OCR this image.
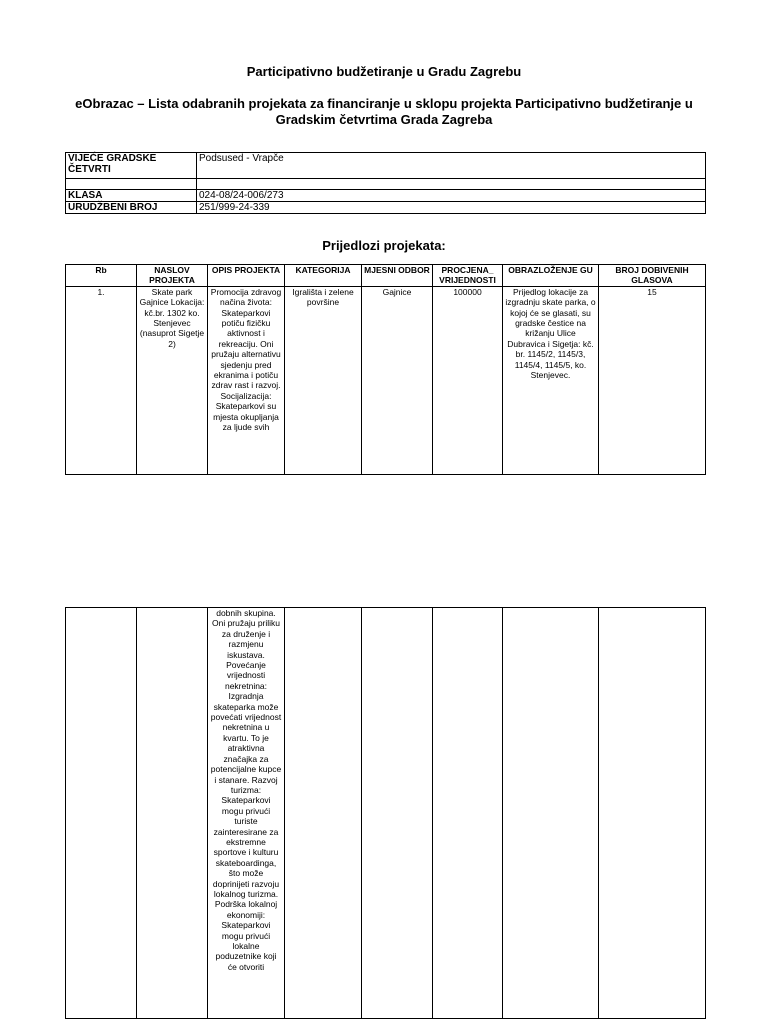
Participativno budžetiranje u Gradu Zagrebu
eObrazac – Lista odabranih projekata za financiranje u sklopu projekta Participativno budžetiranje u Gradskim četvrtima Grada Zagreba
VIJEĆE GRADSKE ČETVRTI	Podsused - Vrapče

KLASA	024-08/24-006/273
URUDŽBENI BROJ	251/999-24-339
Prijedlozi projekata:
Rb	NASLOV PROJEKTA	OPIS PROJEKTA	KATEGORIJA	MJESNI ODBOR	PROCJENA_ VRIJEDNOSTI	OBRAZLOŽENJE GU	BROJ DOBIVENIH GLASOVA
1.	Skate park Gajnice Lokacija: kč.br. 1302 ko. Stenjevec (nasuprot Sigetje 2)	Promocija zdravog načina života: Skateparkovi potiču fizičku aktivnost i rekreaciju. Oni pružaju alternativu sjedenju pred ekranima i potiču zdrav rast i razvoj. Socijalizacija: Skateparkovi su mjesta okupljanja za ljude svih	Igrališta i zelene površine	Gajnice	100000	Prijedlog lokacije za izgradnju skate parka, o kojoj će se glasati, su gradske čestice na križanju Ulice Dubravica i Sigetja: kč. br. 1145/2, 1145/3, 1145/4, 1145/5, ko. Stenjevec.	15
		dobnih skupina. Oni pružaju priliku za druženje i razmjenu iskustava. Povećanje vrijednosti nekretnina: Izgradnja skateparka može povećati vrijednost nekretnina u kvartu. To je atraktivna značajka za potencijalne kupce i stanare. Razvoj turizma: Skateparkovi mogu privući turiste zainteresirane za ekstremne sportove i kulturu skateboardinga, što može doprinijeti razvoju lokalnog turizma. Podrška lokalnoj ekonomiji: Skateparkovi mogu privući lokalne poduzetnike koji će otvoriti					
